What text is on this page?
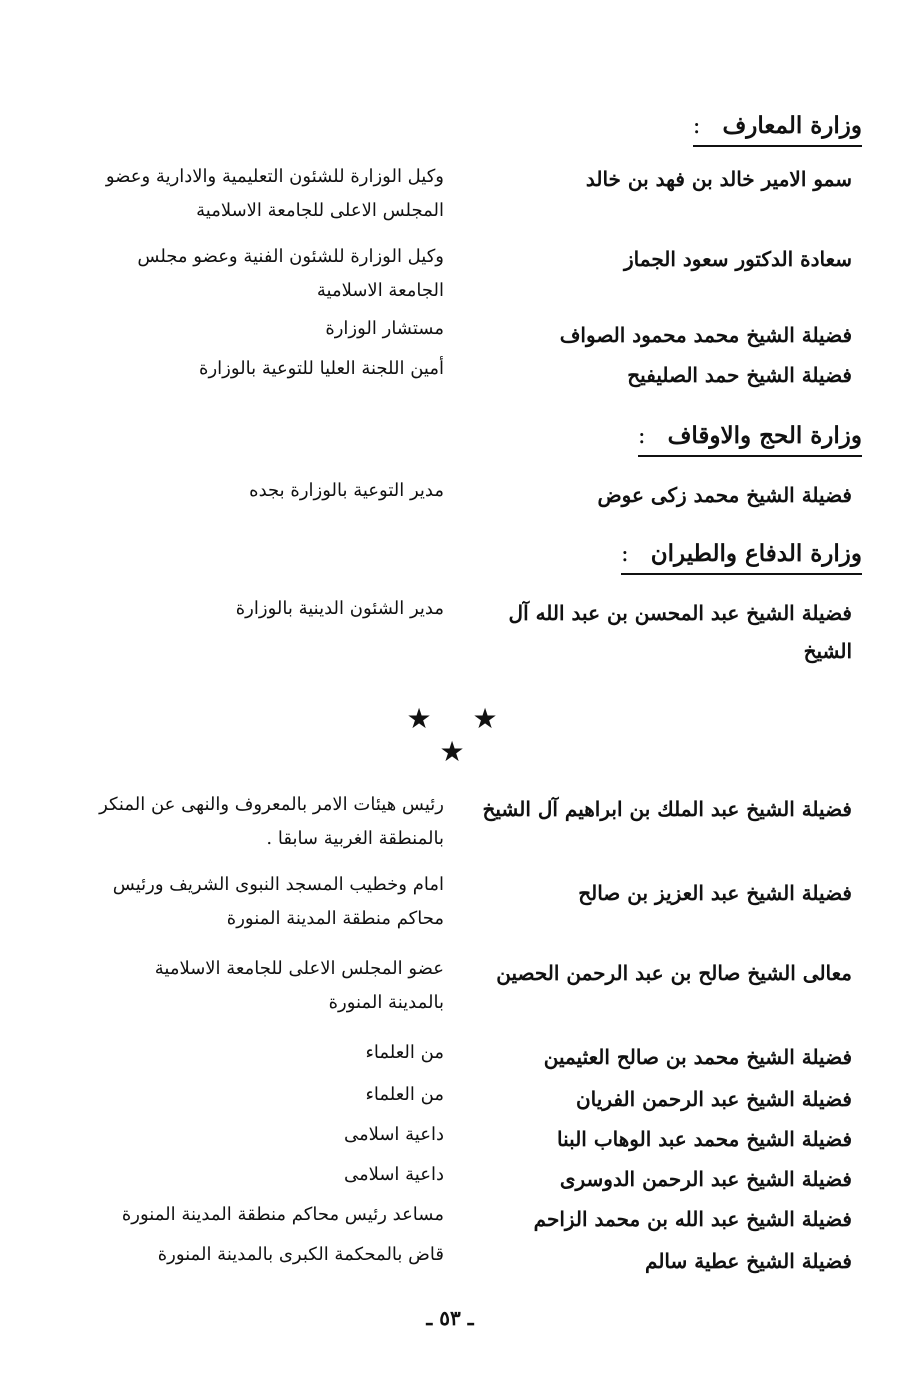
وزارة المعارف:
سمو الامير خالد بن فهد بن خالد
وكيل الوزارة للشئون التعليمية والادارية وعضو المجلس الاعلى للجامعة الاسلامية
سعادة الدكتور سعود الجماز
وكيل الوزارة للشئون الفنية وعضو مجلس الجامعة الاسلامية
فضيلة الشيخ محمد محمود الصواف
مستشار الوزارة
فضيلة الشيخ حمد الصليفيح
أمين اللجنة العليا للتوعية بالوزارة
وزارة الحج والاوقاف:
فضيلة الشيخ محمد زكى عوض
مدير التوعية بالوزارة بجده
وزارة الدفاع والطيران:
فضيلة الشيخ عبد المحسن بن عبد الله آل الشيخ
مدير الشئون الدينية بالوزارة
★ ★ ★
فضيلة الشيخ عبد الملك بن ابراهيم آل الشيخ
رئيس هيئات الامر بالمعروف والنهى عن المنكر بالمنطقة الغربية سابقا .
فضيلة الشيخ عبد العزيز بن صالح
امام وخطيب المسجد النبوى الشريف ورئيس محاكم منطقة المدينة المنورة
معالى الشيخ صالح بن عبد الرحمن الحصين
عضو المجلس الاعلى للجامعة الاسلامية بالمدينة المنورة
فضيلة الشيخ محمد بن صالح العثيمين
من العلماء
فضيلة الشيخ عبد الرحمن الفريان
من العلماء
فضيلة الشيخ محمد عبد الوهاب البنا
داعية اسلامى
فضيلة الشيخ عبد الرحمن الدوسرى
داعية اسلامى
فضيلة الشيخ عبد الله بن محمد الزاحم
مساعد رئيس محاكم منطقة المدينة المنورة
فضيلة الشيخ عطية سالم
قاض بالمحكمة الكبرى بالمدينة المنورة
ـ ٥٣ ـ
